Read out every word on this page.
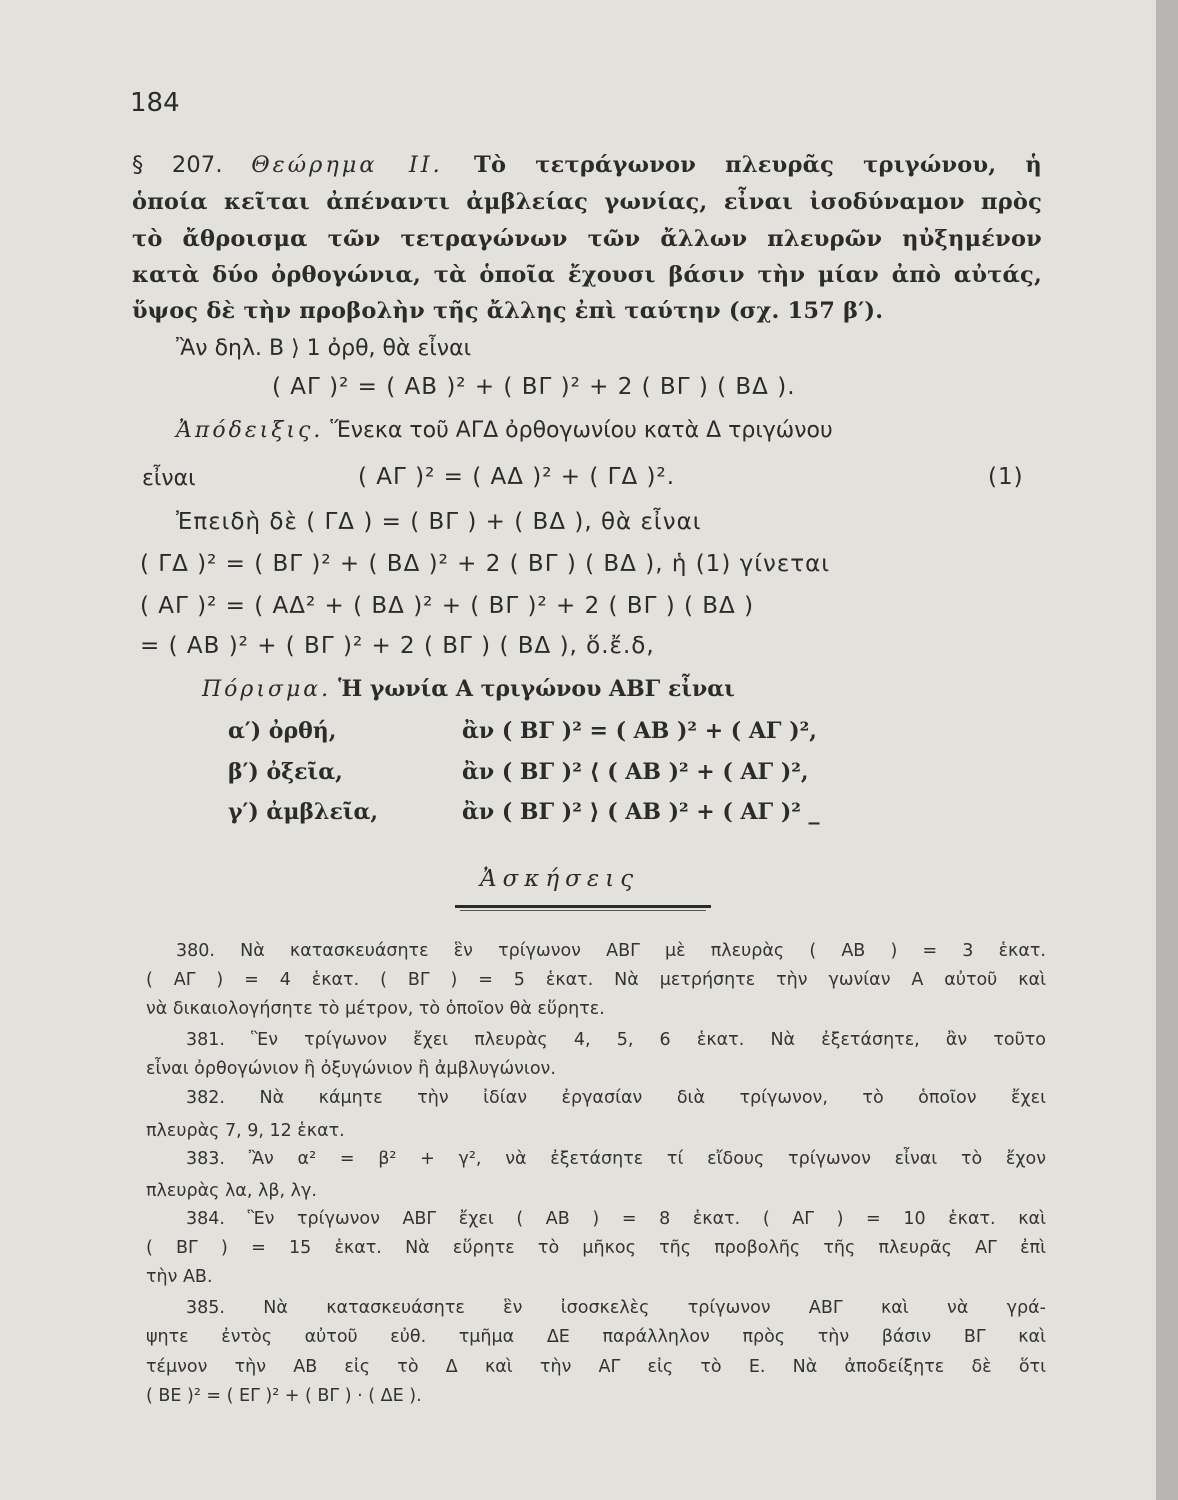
184
§ 207. Θεώρημα ΙΙ. Τὸ τετράγωνον πλευρᾶς τριγώνου, ἡ
ὁποία κεῖται ἀπέναντι ἀμβλείας γωνίας, εἶναι ἰσοδύναμον πρὸς
τὸ ἄθροισμα τῶν τετραγώνων τῶν ἄλλων πλευρῶν ηὐξημένον
κατὰ δύο ὀρθογώνια, τὰ ὁποῖα ἔχουσι βάσιν τὴν μίαν ἀπὸ αὐτάς,
ὕψος δὲ τὴν προβολὴν τῆς ἄλλης ἐπὶ ταύτην (σχ. 157 β′).
Ἂν δηλ. Β ⟩ 1 ὀρθ, θὰ εἶναι
( ΑΓ )² = ( ΑΒ )² + ( ΒΓ )² + 2 ( ΒΓ ) ( ΒΔ ).
Ἀπόδειξις. Ἕνεκα τοῦ ΑΓΔ ὀρθογωνίου κατὰ Δ τριγώνου
εἶναι	( ΑΓ )² = ( ΑΔ )² + ( ΓΔ )².	(1)
Ἐπειδὴ δὲ ( ΓΔ ) = ( ΒΓ ) + ( ΒΔ ), θὰ εἶναι
( ΓΔ )² = ( ΒΓ )² + ( ΒΔ )² + 2 ( ΒΓ ) ( ΒΔ ), ἡ (1) γίνεται
( ΑΓ )² = ( ΑΔ² + ( ΒΔ )² + ( ΒΓ )² + 2 ( ΒΓ ) ( ΒΔ )
= ( ΑΒ )² + ( ΒΓ )² + 2 ( ΒΓ ) ( ΒΔ ), ὅ.ἔ.δ,
Πόρισμα. Ἡ γωνία Α τριγώνου ΑΒΓ εἶναι
α′) ὀρθή,	ἂν ( ΒΓ )² = ( ΑΒ )² + ( ΑΓ )²,
β′) ὀξεῖα,	ἂν ( ΒΓ )² ⟨ ( ΑΒ )² + ( ΑΓ )²,
γ′) ἀμβλεῖα,	ἂν ( ΒΓ )² ⟩ ( ΑΒ )² + ( ΑΓ )² _
Ἀσκήσεις
380. Νὰ κατασκευάσητε ἓν τρίγωνον ΑΒΓ μὲ πλευρὰς ( ΑΒ ) = 3 ἑκατ.
( ΑΓ ) = 4 ἑκατ. ( ΒΓ ) = 5 ἑκατ. Νὰ μετρήσητε τὴν γωνίαν Α αὐτοῦ καὶ
νὰ δικαιολογήσητε τὸ μέτρον, τὸ ὁποῖον θὰ εὕρητε.
381. Ἓν τρίγωνον ἔχει πλευρὰς 4, 5, 6 ἑκατ. Νὰ ἐξετάσητε, ἂν τοῦτο
εἶναι ὀρθογώνιον ἢ ὀξυγώνιον ἢ ἀμβλυγώνιον.
382. Νὰ κάμητε τὴν ἰδίαν ἐργασίαν διὰ τρίγωνον, τὸ ὁποῖον ἔχει
πλευρὰς 7, 9, 12 ἑκατ.
383. Ἂν α² = β² + γ², νὰ ἐξετάσητε τί εἴδους τρίγωνον εἶναι τὸ ἔχον
πλευρὰς λα, λβ, λγ.
384. Ἓν τρίγωνον ΑΒΓ ἔχει ( ΑΒ ) = 8 ἑκατ. ( ΑΓ ) = 10 ἑκατ. καὶ
( ΒΓ ) = 15 ἑκατ. Νὰ εὕρητε τὸ μῆκος τῆς προβολῆς τῆς πλευρᾶς ΑΓ ἐπὶ
τὴν ΑΒ.
385. Νὰ κατασκευάσητε ἓν ἰσοσκελὲς τρίγωνον ΑΒΓ καὶ νὰ γρά-
ψητε ἐντὸς αὐτοῦ εὐθ. τμῆμα ΔΕ παράλληλον πρὸς τὴν βάσιν ΒΓ καὶ
τέμνον τὴν ΑΒ εἰς τὸ Δ καὶ τὴν ΑΓ εἰς τὸ Ε. Νὰ ἀποδείξητε δὲ ὅτι
( ΒΕ )² = ( ΕΓ )² + ( ΒΓ ) · ( ΔΕ ).
